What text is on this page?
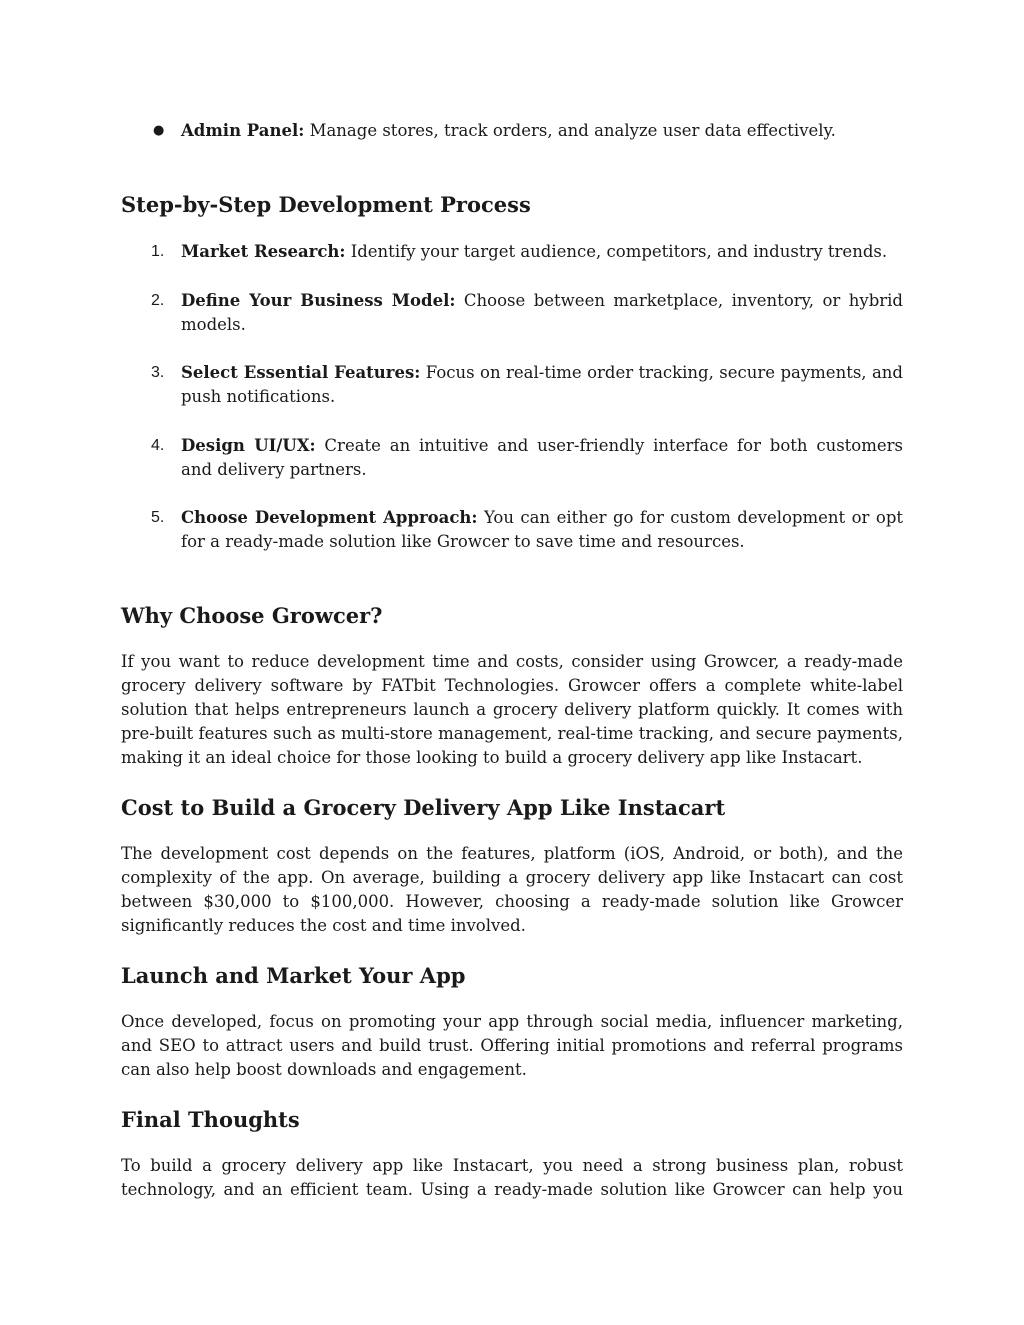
● Admin Panel: Manage stores, track orders, and analyze user data effectively.
Step-by-Step Development Process
1. Market Research: Identify your target audience, competitors, and industry trends.
2. Define Your Business Model: Choose between marketplace, inventory, or hybrid models.
3. Select Essential Features: Focus on real-time order tracking, secure payments, and push notifications.
4. Design UI/UX: Create an intuitive and user-friendly interface for both customers and delivery partners.
5. Choose Development Approach: You can either go for custom development or opt for a ready-made solution like Growcer to save time and resources.
Why Choose Growcer?
If you want to reduce development time and costs, consider using Growcer, a ready-made grocery delivery software by FATbit Technologies. Growcer offers a complete white-label solution that helps entrepreneurs launch a grocery delivery platform quickly. It comes with pre-built features such as multi-store management, real-time tracking, and secure payments, making it an ideal choice for those looking to build a grocery delivery app like Instacart.
Cost to Build a Grocery Delivery App Like Instacart
The development cost depends on the features, platform (iOS, Android, or both), and the complexity of the app. On average, building a grocery delivery app like Instacart can cost between $30,000 to $100,000. However, choosing a ready-made solution like Growcer significantly reduces the cost and time involved.
Launch and Market Your App
Once developed, focus on promoting your app through social media, influencer marketing, and SEO to attract users and build trust. Offering initial promotions and referral programs can also help boost downloads and engagement.
Final Thoughts
To build a grocery delivery app like Instacart, you need a strong business plan, robust technology, and an efficient team. Using a ready-made solution like Growcer can help you
